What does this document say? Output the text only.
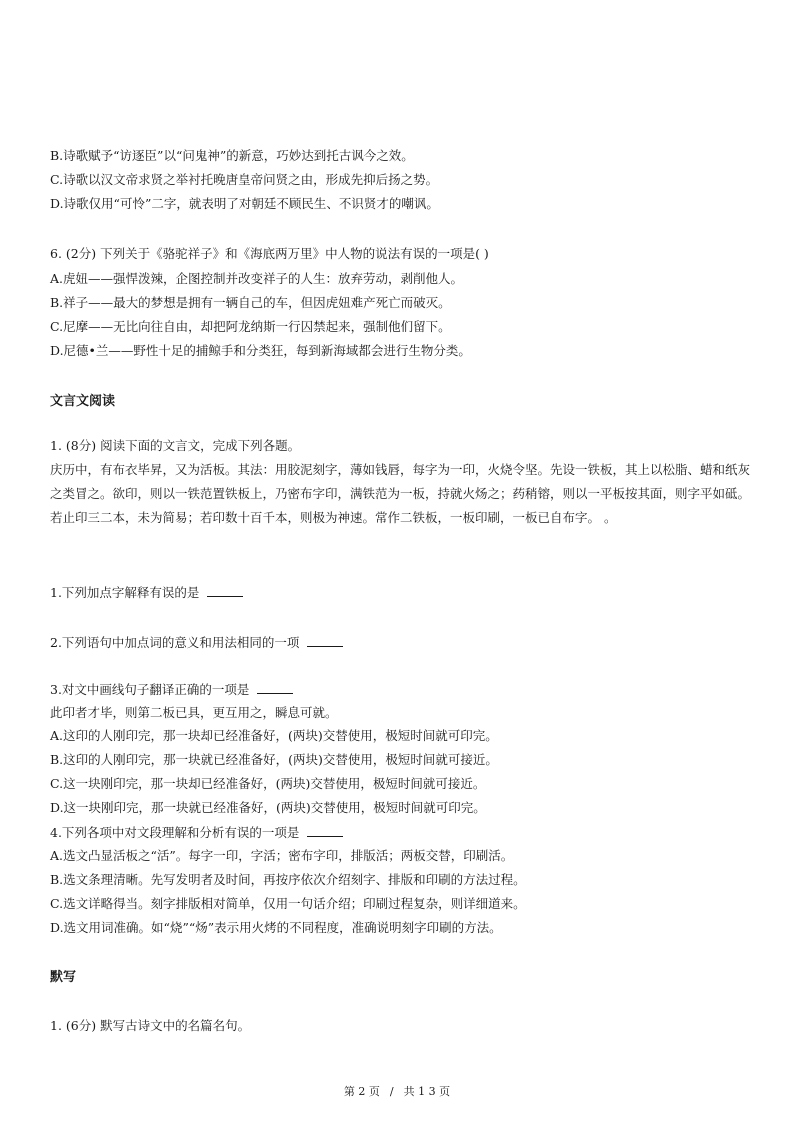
B.诗歌赋予“访逐臣”以“问鬼神”的新意，巧妙达到托古讽今之效。
C.诗歌以汉文帝求贤之举衬托晚唐皇帝问贤之由，形成先抑后扬之势。
D.诗歌仅用“可怜”二字，就表明了对朝廷不顾民生、不识贤才的嘲讽。
6. (2分) 下列关于《骆驼祥子》和《海底两万里》中人物的说法有误的一项是( )
A.虎妞——强悍泼辣，企图控制并改变祥子的人生：放弃劳动，剥削他人。
B.祥子——最大的梦想是拥有一辆自己的车，但因虎妞难产死亡而破灭。
C.尼摩——无比向往自由，却把阿龙纳斯一行囚禁起来，强制他们留下。
D.尼德•兰——野性十足的捕鲸手和分类狂，每到新海域都会进行生物分类。
文言文阅读
1. (8分) 阅读下面的文言文，完成下列各题。
庆历中，有布衣毕昇，又为活板。其法：用胶泥刻字，薄如钱唇，每字为一印，火烧令坚。先设一铁板，其上以松脂、蜡和纸灰之类冒之。欲印，则以一铁范置铁板上，乃密布字印，满铁范为一板，持就火炀之；药稍镕，则以一平板按其面，则字平如砥。若止印三二本，未为简易；若印数十百千本，则极为神速。常作二铁板，一板印刷，一板已自布字。 。
1.下列加点字解释有误的是
2.下列语句中加点词的意义和用法相同的一项
3.对文中画线句子翻译正确的一项是
此印者才毕，则第二板已具，更互用之，瞬息可就。
A.这印的人刚印完，那一块却已经准备好，(两块)交替使用，极短时间就可印完。
B.这印的人刚印完，那一块就已经准备好，(两块)交替使用，极短时间就可接近。
C.这一块刚印完，那一块却已经准备好，(两块)交替使用，极短时间就可接近。
D.这一块刚印完，那一块就已经准备好，(两块)交替使用，极短时间就可印完。
4.下列各项中对文段理解和分析有误的一项是
A.选文凸显活板之“活”。每字一印，字活；密布字印，排版活；两板交替，印刷活。
B.选文条理清晰。先写发明者及时间，再按序依次介绍刻字、排版和印刷的方法过程。
C.选文详略得当。刻字排版相对简单，仅用一句话介绍；印刷过程复杂，则详细道来。
D.选文用词准确。如“烧”“炀”表示用火烤的不同程度，准确说明刻字印刷的方法。
默写
1. (6分) 默写古诗文中的名篇名句。
第 2 页 / 共 1 3 页
